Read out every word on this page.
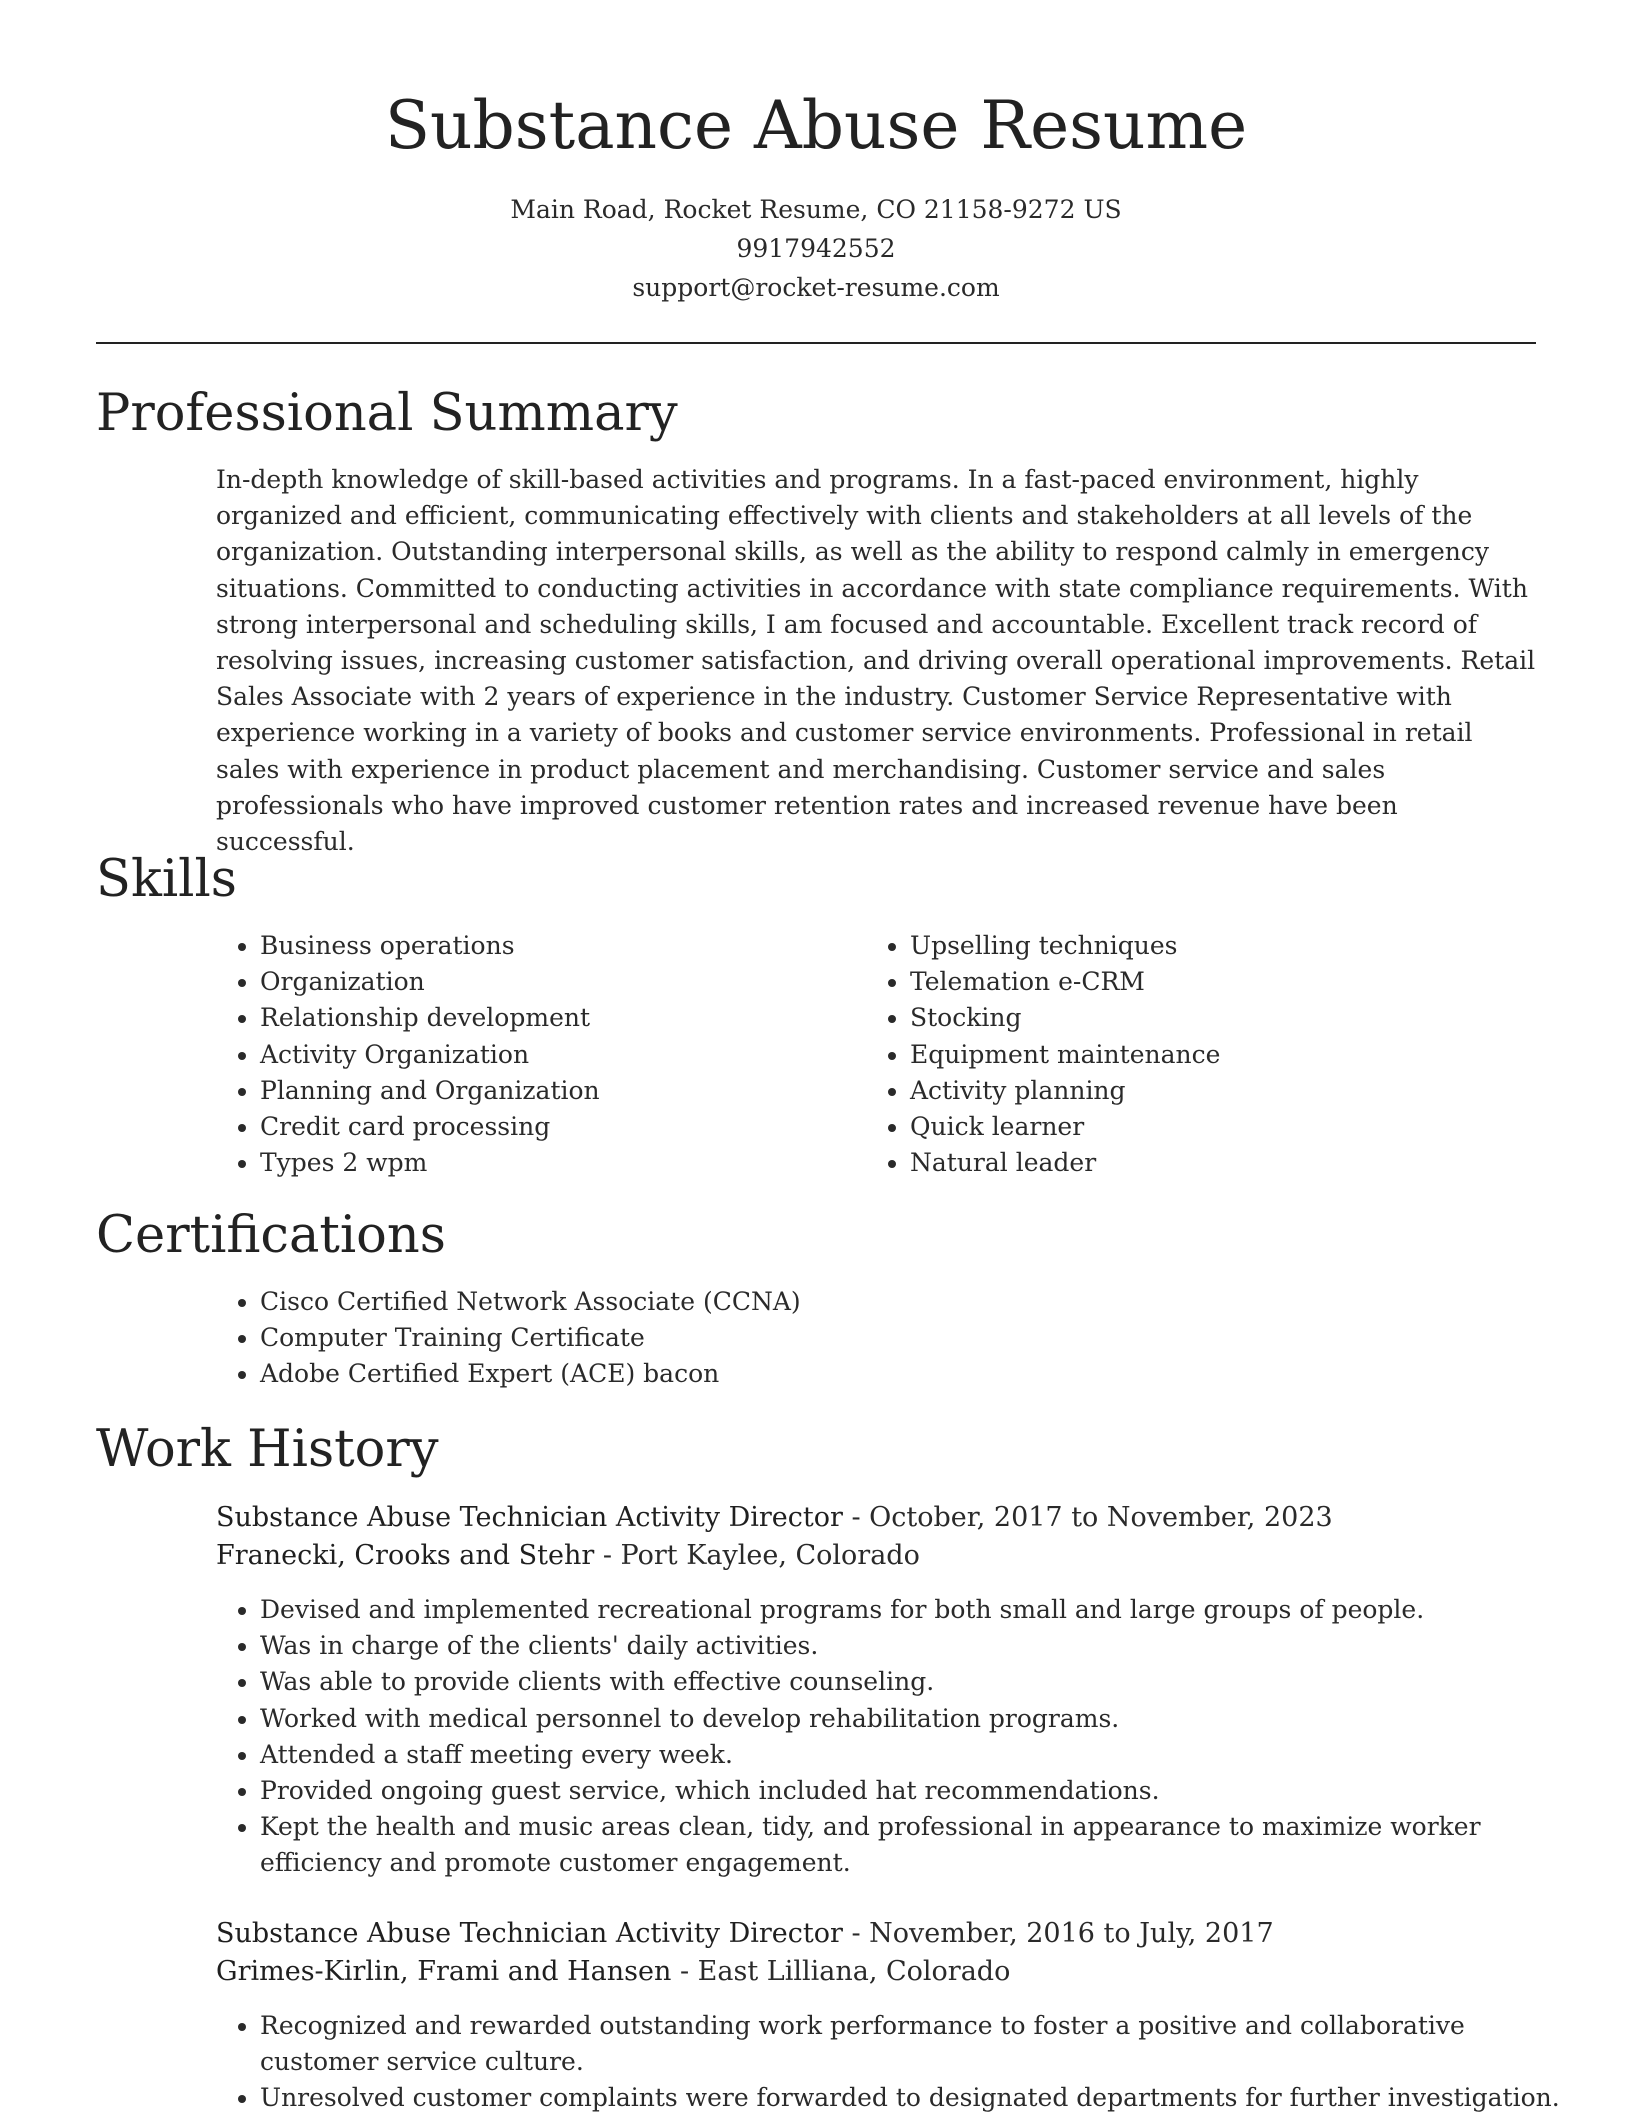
Substance Abuse Resume
Main Road, Rocket Resume, CO 21158-9272 US
9917942552
support@rocket-resume.com
Professional Summary

In-depth knowledge of skill-based activities and programs. In a fast-paced environment, highly organized and efficient, communicating effectively with clients and stakeholders at all levels of the organization. Outstanding interpersonal skills, as well as the ability to respond calmly in emergency situations. Committed to conducting activities in accordance with state compliance requirements. With strong interpersonal and scheduling skills, I am focused and accountable. Excellent track record of resolving issues, increasing customer satisfaction, and driving overall operational improvements. Retail Sales Associate with 2 years of experience in the industry. Customer Service Representative with experience working in a variety of books and customer service environments. Professional in retail sales with experience in product placement and merchandising. Customer service and sales professionals who have improved customer retention rates and increased revenue have been successful.

Skills
• Business operations
• Organization
• Relationship development
• Activity Organization
• Planning and Organization
• Credit card processing
• Types 2 wpm
• Upselling techniques
• Telemation e-CRM
• Stocking
• Equipment maintenance
• Activity planning
• Quick learner
• Natural leader
Certifications
• Cisco Certified Network Associate (CCNA)
• Computer Training Certificate
• Adobe Certified Expert (ACE) bacon
Work History
Substance Abuse Technician Activity Director - October, 2017 to November, 2023
Franecki, Crooks and Stehr - Port Kaylee, Colorado
• Devised and implemented recreational programs for both small and large groups of people.
• Was in charge of the clients' daily activities.
• Was able to provide clients with effective counseling.
• Worked with medical personnel to develop rehabilitation programs.
• Attended a staff meeting every week.
• Provided ongoing guest service, which included hat recommendations.
• Kept the health and music areas clean, tidy, and professional in appearance to maximize worker efficiency and promote customer engagement.
Substance Abuse Technician Activity Director - November, 2016 to July, 2017
Grimes-Kirlin, Frami and Hansen - East Lilliana, Colorado
• Recognized and rewarded outstanding work performance to foster a positive and collaborative customer service culture.
• Unresolved customer complaints were forwarded to designated departments for further investigation.
